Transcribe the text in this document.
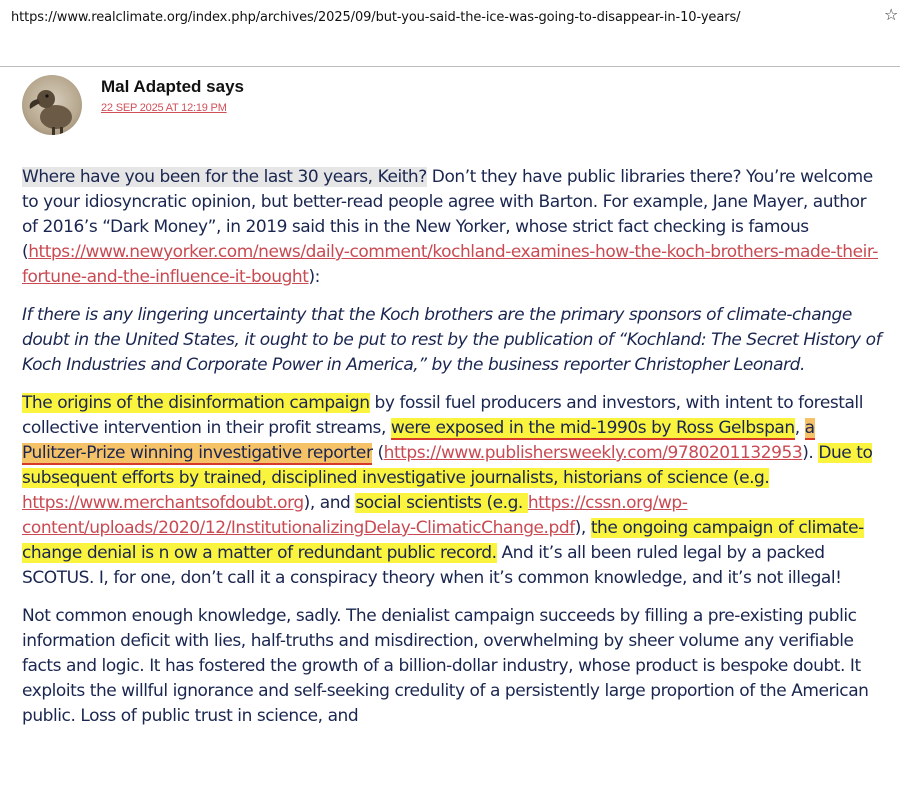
https://www.realclimate.org/index.php/archives/2025/09/but-you-said-the-ice-was-going-to-disappear-in-10-years/	☆
Mal Adapted says
22 SEP 2025 AT 12:19 PM

Where have you been for the last 30 years, Keith? Don’t they have public libraries there? You’re welcome to your idiosyncratic opinion, but better-read people agree with Barton. For example, Jane Mayer, author of 2016’s “Dark Money”, in 2019 said this in the New Yorker, whose strict fact checking is famous (https://www.newyorker.com/news/daily-comment/kochland-examines-how-the-koch-brothers-made-their-fortune-and-the-influence-it-bought):

If there is any lingering uncertainty that the Koch brothers are the primary sponsors of climate-change doubt in the United States, it ought to be put to rest by the publication of “Kochland: The Secret History of Koch Industries and Corporate Power in America,” by the business reporter Christopher Leonard.

The origins of the disinformation campaign by fossil fuel producers and investors, with intent to forestall collective intervention in their profit streams, were exposed in the mid-1990s by Ross Gelbspan, a Pulitzer-Prize winning investigative reporter (https://www.publishersweekly.com/9780201132953). Due to subsequent efforts by trained, disciplined investigative journalists, historians of science (e.g. https://www.merchantsofdoubt.org), and social scientists (e.g. https://cssn.org/wp-content/uploads/2020/12/InstitutionalizingDelay-ClimaticChange.pdf), the ongoing campaign of climate-change denial is n ow a matter of redundant public record. And it’s all been ruled legal by a packed SCOTUS. I, for one, don’t call it a conspiracy theory when it’s common knowledge, and it’s not illegal!

Not common enough knowledge, sadly. The denialist campaign succeeds by filling a pre-existing public information deficit with lies, half-truths and misdirection, overwhelming by sheer volume any verifiable facts and logic. It has fostered the growth of a billion-dollar industry, whose product is bespoke doubt. It exploits the willful ignorance and self-seeking credulity of a persistently large proportion of the American public. Loss of public trust in science, and
